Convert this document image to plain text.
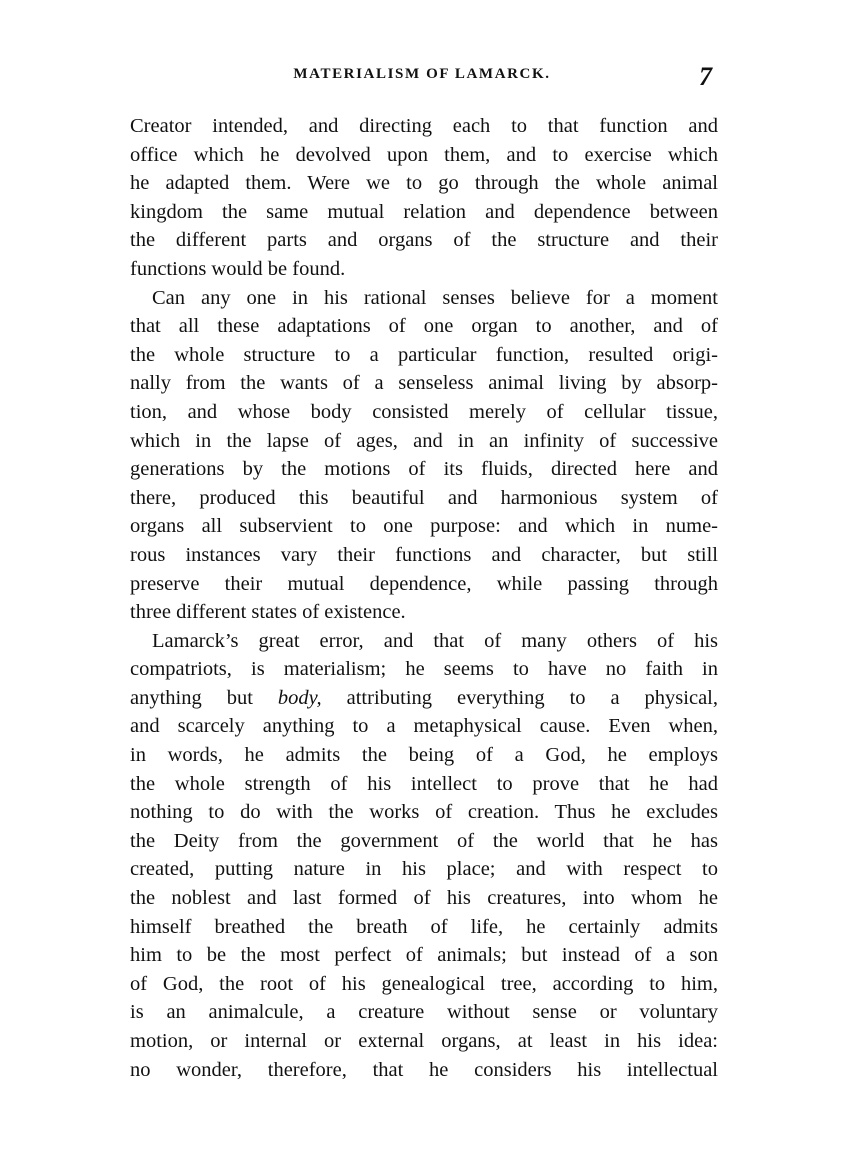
MATERIALISM OF LAMARCK.	7
Creator intended, and directing each to that function and
office which he devolved upon them, and to exercise which
he adapted them. Were we to go through the whole animal
kingdom the same mutual relation and dependence between
the different parts and organs of the structure and their
functions would be found.
Can any one in his rational senses believe for a moment
that all these adaptations of one organ to another, and of
the whole structure to a particular function, resulted origi-
nally from the wants of a senseless animal living by absorp-
tion, and whose body consisted merely of cellular tissue,
which in the lapse of ages, and in an infinity of successive
generations by the motions of its fluids, directed here and
there, produced this beautiful and harmonious system of
organs all subservient to one purpose: and which in nume-
rous instances vary their functions and character, but still
preserve their mutual dependence, while passing through
three different states of existence.
Lamarck’s great error, and that of many others of his
compatriots, is materialism; he seems to have no faith in
anything but body, attributing everything to a physical,
and scarcely anything to a metaphysical cause. Even when,
in words, he admits the being of a God, he employs
the whole strength of his intellect to prove that he had
nothing to do with the works of creation. Thus he excludes
the Deity from the government of the world that he has
created, putting nature in his place; and with respect to
the noblest and last formed of his creatures, into whom he
himself breathed the breath of life, he certainly admits
him to be the most perfect of animals; but instead of a son
of God, the root of his genealogical tree, according to him,
is an animalcule, a creature without sense or voluntary
motion, or internal or external organs, at least in his idea:
no wonder, therefore, that he considers his intellectual
